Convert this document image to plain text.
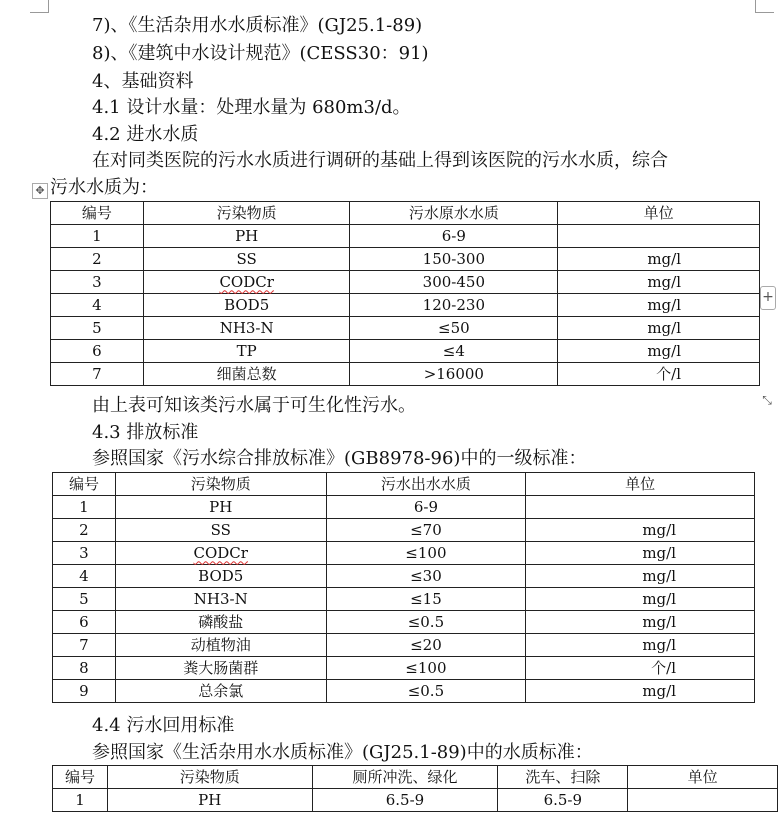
7)、《生活杂用水水质标准》(GJ25.1-89)
8)、《建筑中水设计规范》(CESS30：91)
4、基础资料
4.1 设计水量：处理水量为 680m3/d。
4.2 进水水质
在对同类医院的污水水质进行调研的基础上得到该医院的污水水质，综合
✥ 污水水质为：
编号	污染物质	污水原水水质	单位
1	PH	6-9	
2	SS	150-300	mg/l
3	CODCr	300-450	mg/l
4	BOD5	120-230	mg/l
5	NH3-N	≤50	mg/l
6	TP	≤4	mg/l
7	细菌总数	>16000	个/l
+
⤡
由上表可知该类污水属于可生化性污水。
4.3 排放标准
参照国家《污水综合排放标准》(GB8978-96)中的一级标准：
编号	污染物质	污水出水水质	单位
1	PH	6-9	
2	SS	≤70	mg/l
3	CODCr	≤100	mg/l
4	BOD5	≤30	mg/l
5	NH3-N	≤15	mg/l
6	磷酸盐	≤0.5	mg/l
7	动植物油	≤20	mg/l
8	粪大肠菌群	≤100	个/l
9	总余氯	≤0.5	mg/l
4.4 污水回用标准
参照国家《生活杂用水水质标准》(GJ25.1-89)中的水质标准：
编号	污染物质	厕所冲洗、绿化	洗车、扫除	单位
1	PH	6.5-9	6.5-9	
